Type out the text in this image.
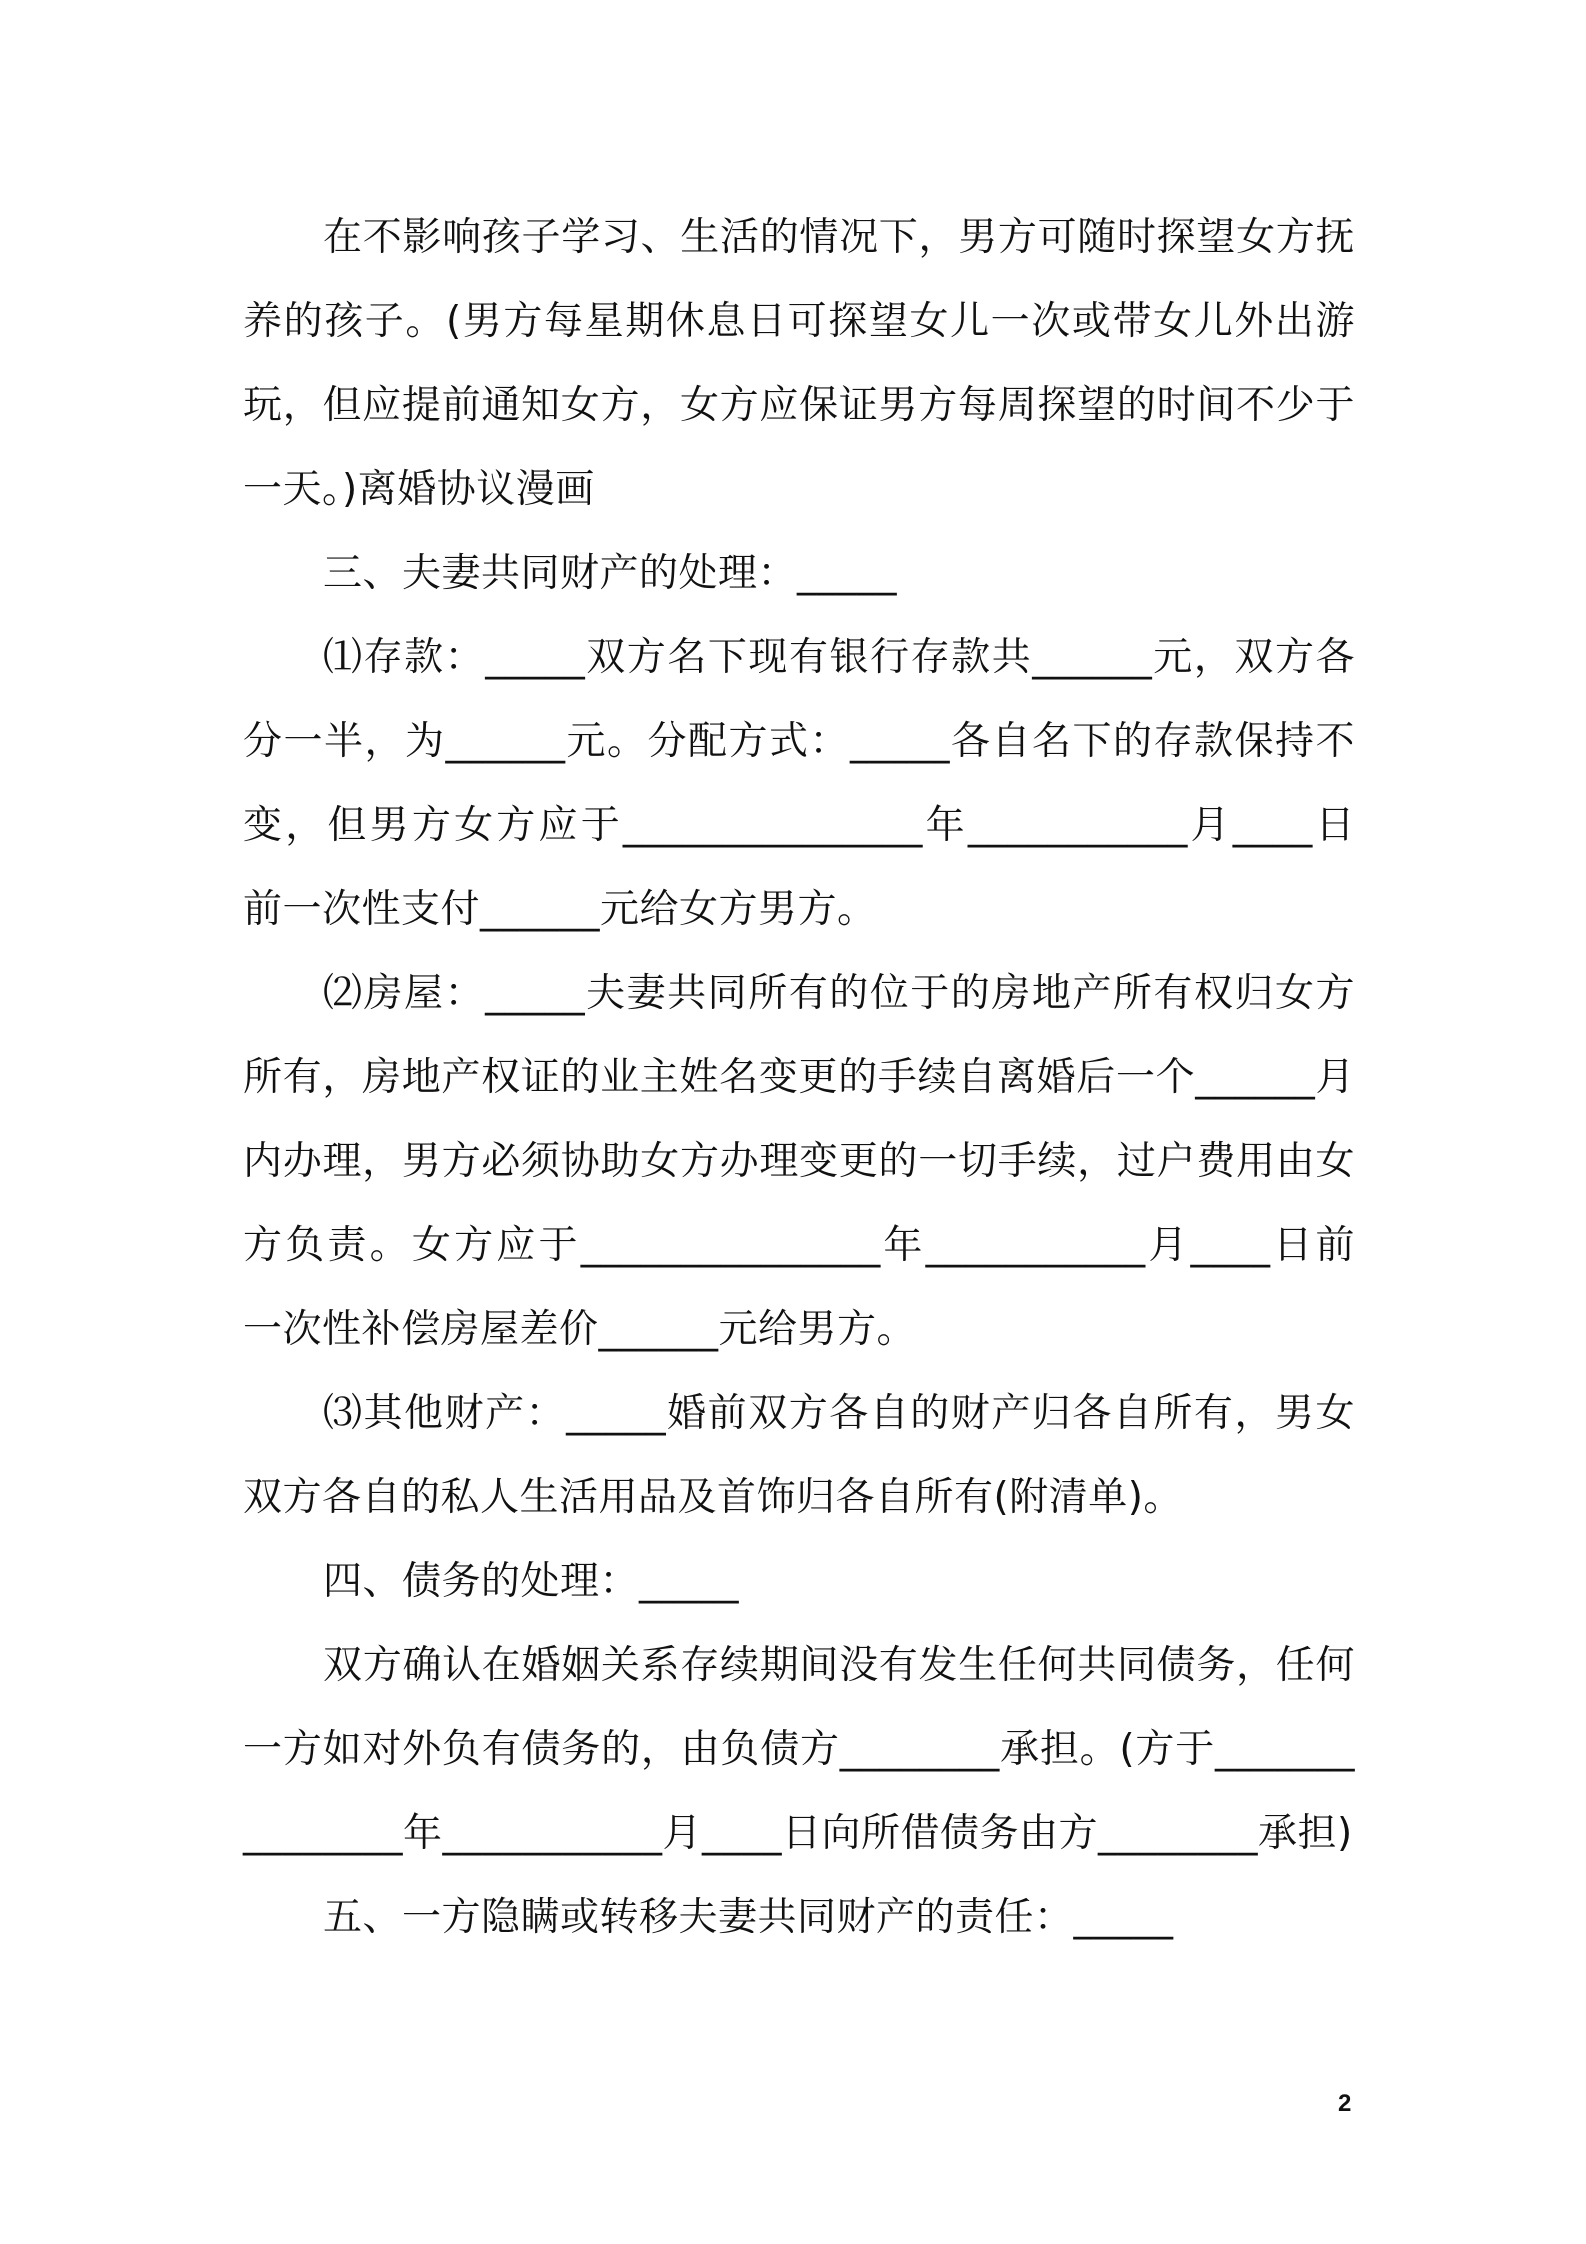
在不影响孩子学习、生活的情况下，男方可随时探望女方抚养的孩子。(男方每星期休息日可探望女儿一次或带女儿外出游玩，但应提前通知女方，女方应保证男方每周探望的时间不少于一天。)离婚协议漫画

三、夫妻共同财产的处理：_____

⑴存款：_____双方名下现有银行存款共______元，双方各分一半，为______元。分配方式：_____各自名下的存款保持不变，但男方女方应于_______________年___________月____日前一次性支付______元给女方男方。

⑵房屋：_____夫妻共同所有的位于的房地产所有权归女方所有，房地产权证的业主姓名变更的手续自离婚后一个______月内办理，男方必须协助女方办理变更的一切手续，过户费用由女方负责。女方应于_______________年___________月____日前一次性补偿房屋差价______元给男方。

⑶其他财产：_____婚前双方各自的财产归各自所有，男女双方各自的私人生活用品及首饰归各自所有(附清单)。

四、债务的处理：_____

双方确认在婚姻关系存续期间没有发生任何共同债务，任何一方如对外负有债务的，由负债方________承担。(方于_______________年___________月____日向所借债务由方________承担)

五、一方隐瞒或转移夫妻共同财产的责任：_____

2
